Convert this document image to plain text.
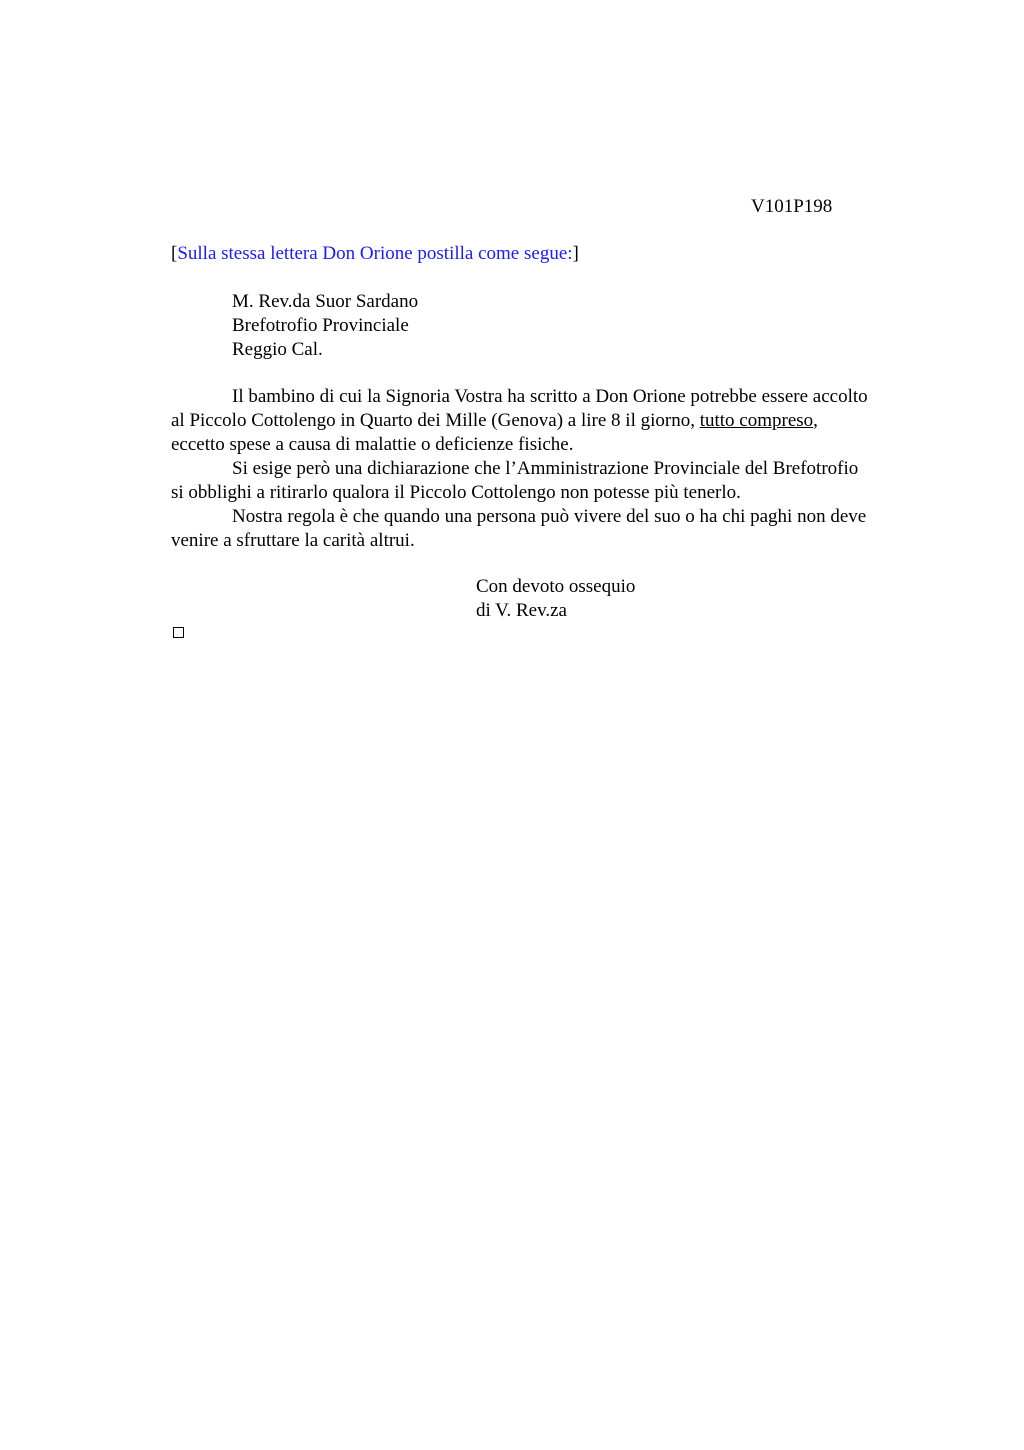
V101P198
[Sulla stessa lettera Don Orione postilla come segue:]
M. Rev.da Suor Sardano
Brefotrofio Provinciale
Reggio Cal.
Il bambino di cui la Signoria Vostra ha scritto a Don Orione potrebbe essere accolto
al Piccolo Cottolengo in Quarto dei Mille (Genova) a lire 8 il giorno, tutto compreso,
eccetto spese a causa di malattie o deficienze fisiche.
Si esige però una dichiarazione che l’Amministrazione Provinciale del Brefotrofio
si obblighi a ritirarlo qualora il Piccolo Cottolengo non potesse più tenerlo.
Nostra regola è che quando una persona può vivere del suo o ha chi paghi non deve
venire a sfruttare la carità altrui.
Con devoto ossequio
di V. Rev.za
